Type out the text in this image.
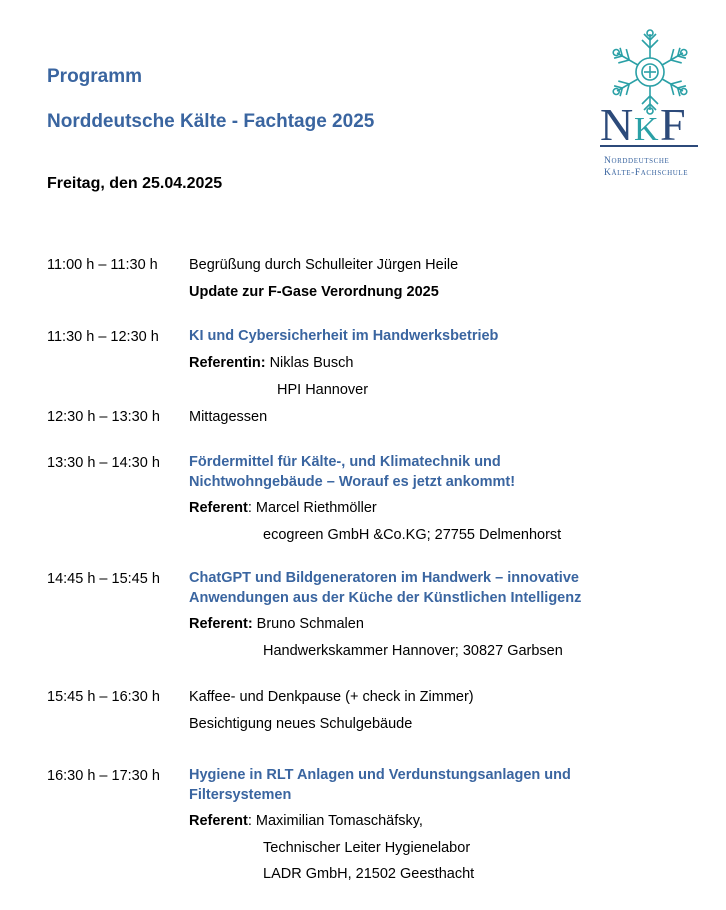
Programm
Norddeutsche Kälte - Fachtage 2025
Freitag, den 25.04.2025
N K F
Norddeutsche
Kälte-Fachschule
11:00 h – 11:30 h Begrüßung durch Schulleiter Jürgen Heile
Update zur F-Gase Verordnung 2025
11:30 h – 12:30 h KI und Cybersicherheit im Handwerksbetrieb
Referentin: Niklas Busch
HPI Hannover
12:30 h – 13:30 h Mittagessen
13:30 h – 14:30 h Fördermittel für Kälte-, und Klimatechnik und
Nichtwohngebäude – Worauf es jetzt ankommt!
Referent: Marcel Riethmöller
ecogreen GmbH &Co.KG; 27755 Delmenhorst
14:45 h – 15:45 h ChatGPT und Bildgeneratoren im Handwerk – innovative
Anwendungen aus der Küche der Künstlichen Intelligenz
Referent: Bruno Schmalen
Handwerkskammer Hannover; 30827 Garbsen
15:45 h – 16:30 h Kaffee- und Denkpause (+ check in Zimmer)
Besichtigung neues Schulgebäude
16:30 h – 17:30 h Hygiene in RLT Anlagen und Verdunstungsanlagen und
Filtersystemen
Referent: Maximilian Tomaschäfsky,
Technischer Leiter Hygienelabor
LADR GmbH, 21502 Geesthacht
